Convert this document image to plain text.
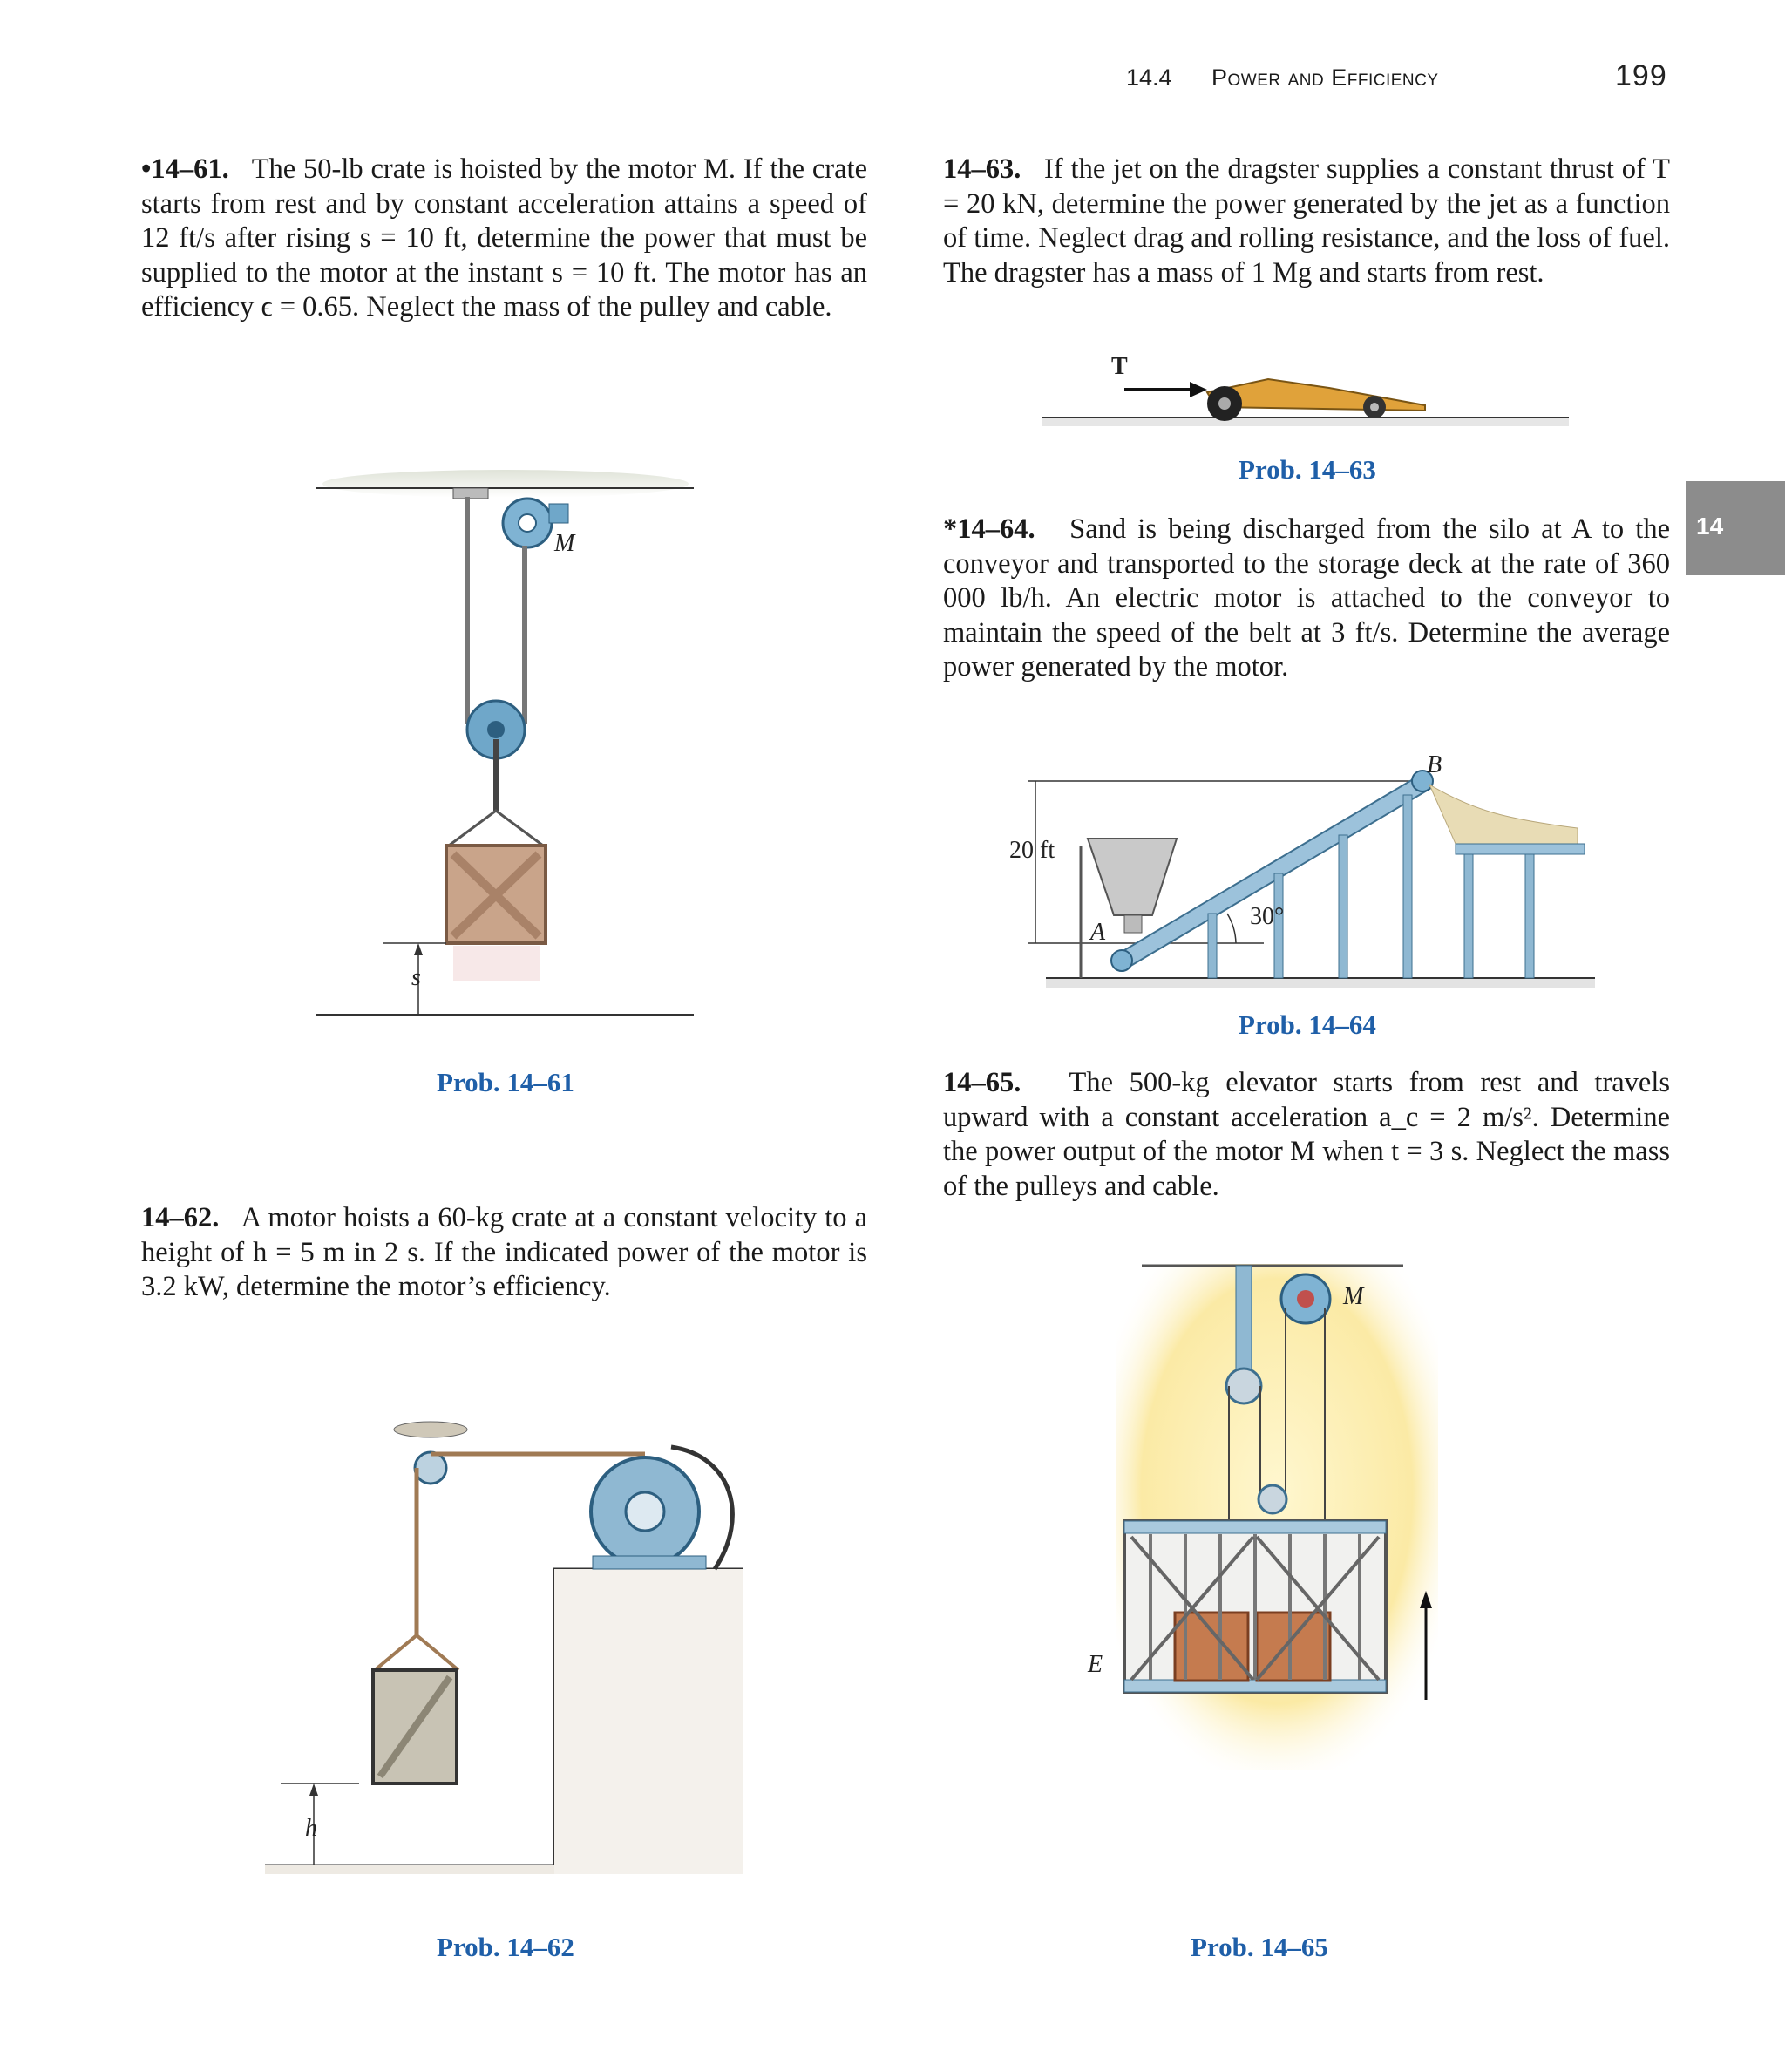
14.4 Power and Efficiency	199
14
•14–61. The 50-lb crate is hoisted by the motor M. If the crate starts from rest and by constant acceleration attains a speed of 12 ft/s after rising s = 10 ft, determine the power that must be supplied to the motor at the instant s = 10 ft. The motor has an efficiency ϵ = 0.65. Neglect the mass of the pulley and cable.
14–63. If the jet on the dragster supplies a constant thrust of T = 20 kN, determine the power generated by the jet as a function of time. Neglect drag and rolling resistance, and the loss of fuel. The dragster has a mass of 1 Mg and starts from rest.
*14–64. Sand is being discharged from the silo at A to the conveyor and transported to the storage deck at the rate of 360 000 lb/h. An electric motor is attached to the conveyor to maintain the speed of the belt at 3 ft/s. Determine the average power generated by the motor.
14–65. The 500-kg elevator starts from rest and travels upward with a constant acceleration a_c = 2 m/s². Determine the power output of the motor M when t = 3 s. Neglect the mass of the pulleys and cable.
14–62. A motor hoists a 60-kg crate at a constant velocity to a height of h = 5 m in 2 s. If the indicated power of the motor is 3.2 kW, determine the motor’s efficiency.
M
s
Prob. 14–61
T
Prob. 14–63
20 ft
30°
A
B
Prob. 14–64
h
Prob. 14–62
M
E
Prob. 14–65
